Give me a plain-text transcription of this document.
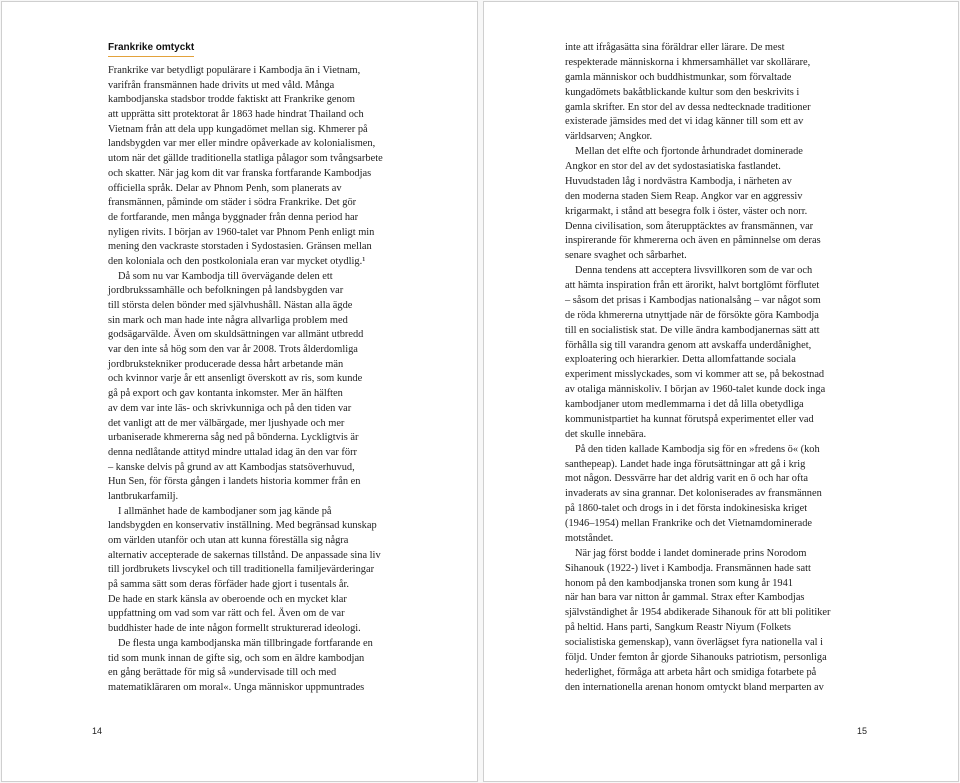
Frankrike omtyckt
Frankrike var betydligt populärare i Kambodja än i Vietnam,
varifrån fransmännen hade drivits ut med våld. Många
kambodjanska stadsbor trodde faktiskt att Frankrike genom
att upprätta sitt protektorat år 1863 hade hindrat Thailand och
Vietnam från att dela upp kungadömet mellan sig. Khmerer på
landsbygden var mer eller mindre opåverkade av kolonialismen,
utom när det gällde traditionella statliga pålagor som tvångsarbete
och skatter. När jag kom dit var franska fortfarande Kambodjas
officiella språk. Delar av Phnom Penh, som planerats av
fransmännen, påminde om städer i södra Frankrike. Det gör
de fortfarande, men många byggnader från denna period har
nyligen rivits. I början av 1960-talet var Phnom Penh enligt min
mening den vackraste storstaden i Sydostasien. Gränsen mellan
den koloniala och den postkoloniala eran var mycket otydlig.¹
Då som nu var Kambodja till övervägande delen ett
jordbrukssamhälle och befolkningen på landsbygden var
till största delen bönder med självhushåll. Nästan alla ägde
sin mark och man hade inte några allvarliga problem med
godsägarvälde. Även om skuldsättningen var allmänt utbredd
var den inte så hög som den var år 2008. Trots ålderdomliga
jordbrukstekniker producerade dessa hårt arbetande män
och kvinnor varje år ett ansenligt överskott av ris, som kunde
gå på export och gav kontanta inkomster. Mer än hälften
av dem var inte läs- och skrivkunniga och på den tiden var
det vanligt att de mer välbärgade, mer ljushyade och mer
urbaniserade khmererna såg ned på bönderna. Lyckligtvis är
denna nedlåtande attityd mindre uttalad idag än den var förr
– kanske delvis på grund av att Kambodjas statsöverhuvud,
Hun Sen, för första gången i landets historia kommer från en
lantbrukarfamilj.
I allmänhet hade de kambodjaner som jag kände på
landsbygden en konservativ inställning. Med begränsad kunskap
om världen utanför och utan att kunna föreställa sig några
alternativ accepterade de sakernas tillstånd. De anpassade sina liv
till jordbrukets livscykel och till traditionella familjevärderingar
på samma sätt som deras förfäder hade gjort i tusentals år.
De hade en stark känsla av oberoende och en mycket klar
uppfattning om vad som var rätt och fel. Även om de var
buddhister hade de inte någon formellt strukturerad ideologi.
De flesta unga kambodjanska män tillbringade fortfarande en
tid som munk innan de gifte sig, och som en äldre kambodjan
en gång berättade för mig så »undervisade till och med
matematikläraren om moral«. Unga människor uppmuntrades
14
inte att ifrågasätta sina föräldrar eller lärare. De mest
respekterade människorna i khmersamhället var skollärare,
gamla människor och buddhistmunkar, som förvaltade
kungadömets bakåtblickande kultur som den beskrivits i
gamla skrifter. En stor del av dessa nedtecknade traditioner
existerade jämsides med det vi idag känner till som ett av
världsarven; Angkor.
Mellan det elfte och fjortonde århundradet dominerade
Angkor en stor del av det sydostasiatiska fastlandet.
Huvudstaden låg i nordvästra Kambodja, i närheten av
den moderna staden Siem Reap. Angkor var en aggressiv
krigarmakt, i stånd att besegra folk i öster, väster och norr.
Denna civilisation, som återupptäcktes av fransmännen, var
inspirerande för khmererna och även en påminnelse om deras
senare svaghet och sårbarhet.
Denna tendens att acceptera livsvillkoren som de var och
att hämta inspiration från ett ärorikt, halvt bortglömt förflutet
– såsom det prisas i Kambodjas nationalsång – var något som
de röda khmererna utnyttjade när de försökte göra Kambodja
till en socialistisk stat. De ville ändra kambodjanernas sätt att
förhålla sig till varandra genom att avskaffa underdånighet,
exploatering och hierarkier. Detta allomfattande sociala
experiment misslyckades, som vi kommer att se, på bekostnad
av otaliga människoliv. I början av 1960-talet kunde dock inga
kambodjaner utom medlemmarna i det då lilla obetydliga
kommunistpartiet ha kunnat förutspå experimentet eller vad
det skulle innebära.
På den tiden kallade Kambodja sig för en »fredens ö« (koh
santhepeap). Landet hade inga förutsättningar att gå i krig
mot någon. Dessvärre har det aldrig varit en ö och har ofta
invaderats av sina grannar. Det koloniserades av fransmännen
på 1860-talet och drogs in i det första indokinesiska kriget
(1946–1954) mellan Frankrike och det Vietnamdominerade
motståndet.
När jag först bodde i landet dominerade prins Norodom
Sihanouk (1922-) livet i Kambodja. Fransmännen hade satt
honom på den kambodjanska tronen som kung år 1941
när han bara var nitton år gammal. Strax efter Kambodjas
självständighet år 1954 abdikerade Sihanouk för att bli politiker
på heltid. Hans parti, Sangkum Reastr Niyum (Folkets
socialistiska gemenskap), vann överlägset fyra nationella val i
följd. Under femton år gjorde Sihanouks patriotism, personliga
hederlighet, förmåga att arbeta hårt och smidiga fotarbete på
den internationella arenan honom omtyckt bland merparten av
15
